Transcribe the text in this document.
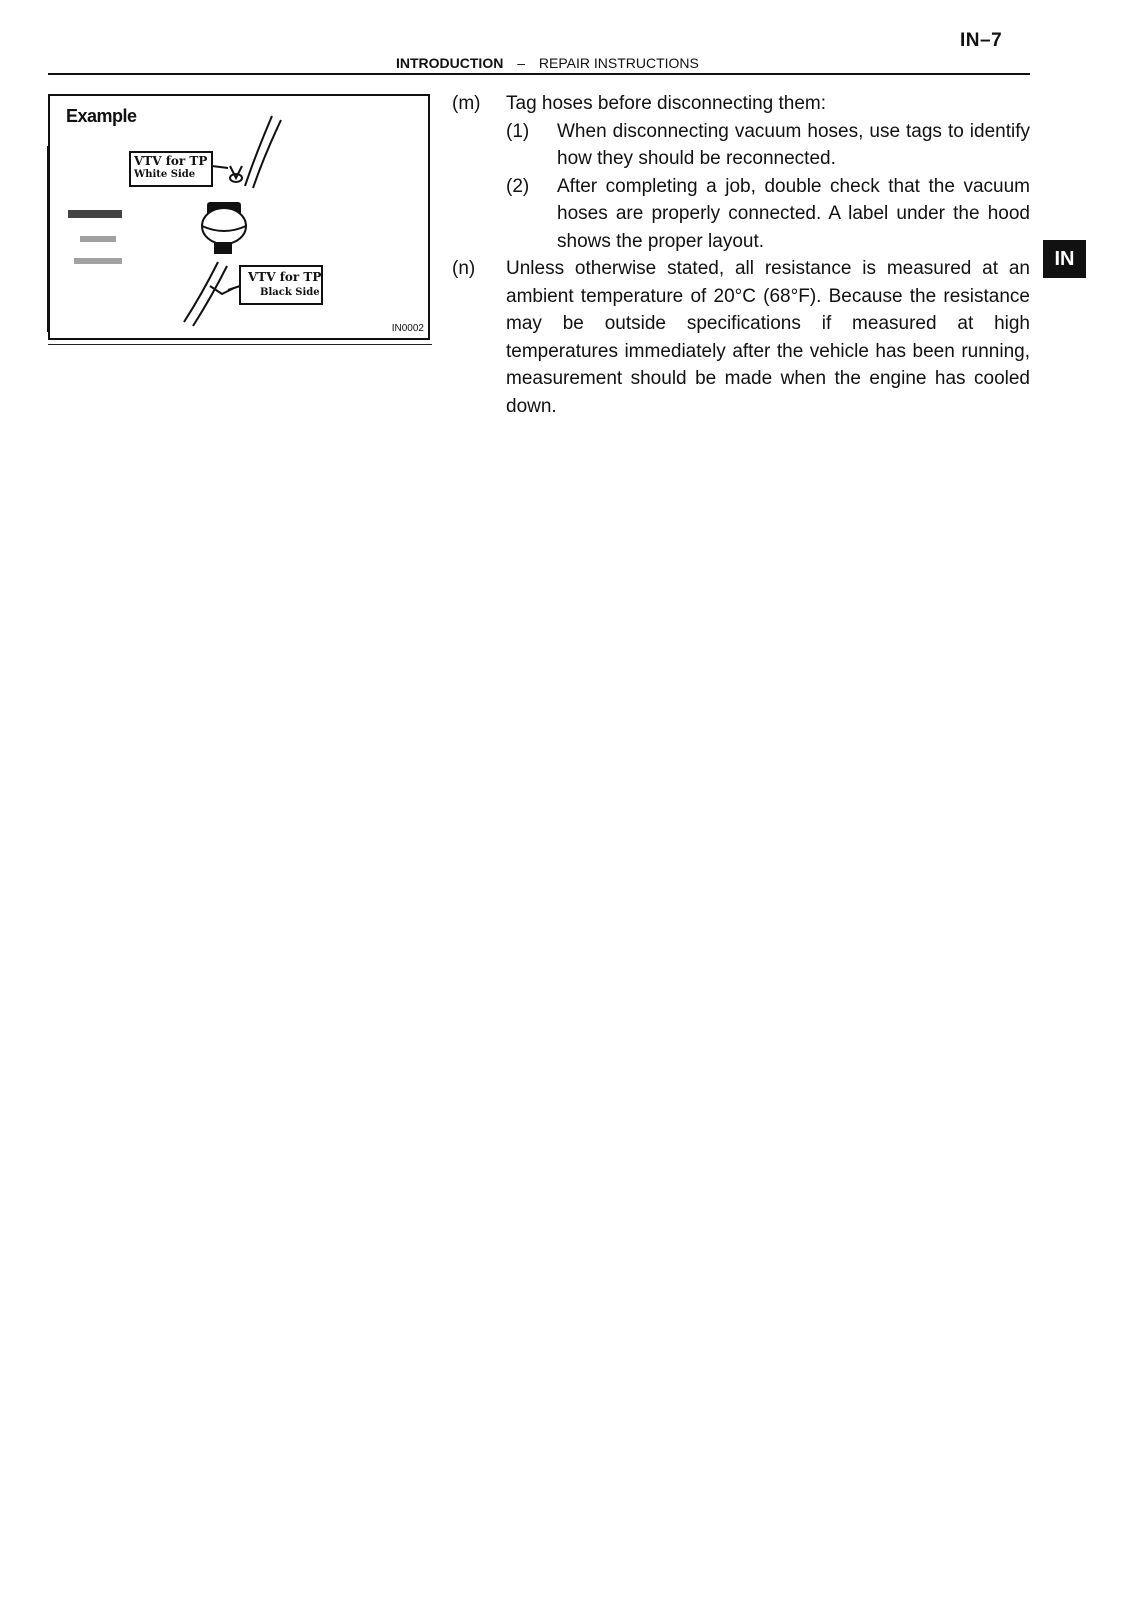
IN–7
INTRODUCTION – REPAIR INSTRUCTIONS
IN
Example
VTV for TP
White Side
VTV for TP
Black Side
IN0002
(m)	Tag hoses before disconnecting them:
(1)	When disconnecting vacuum hoses, use tags to identify how they should be reconnected.
(2)	After completing a job, double check that the vacuum hoses are properly connected. A label under the hood shows the proper layout.
(n)	Unless otherwise stated, all resistance is measured at an ambient temperature of 20°C (68°F). Because the resistance may be outside specifications if measured at high temperatures immediately after the vehicle has been running, measurement should be made when the engine has cooled down.
